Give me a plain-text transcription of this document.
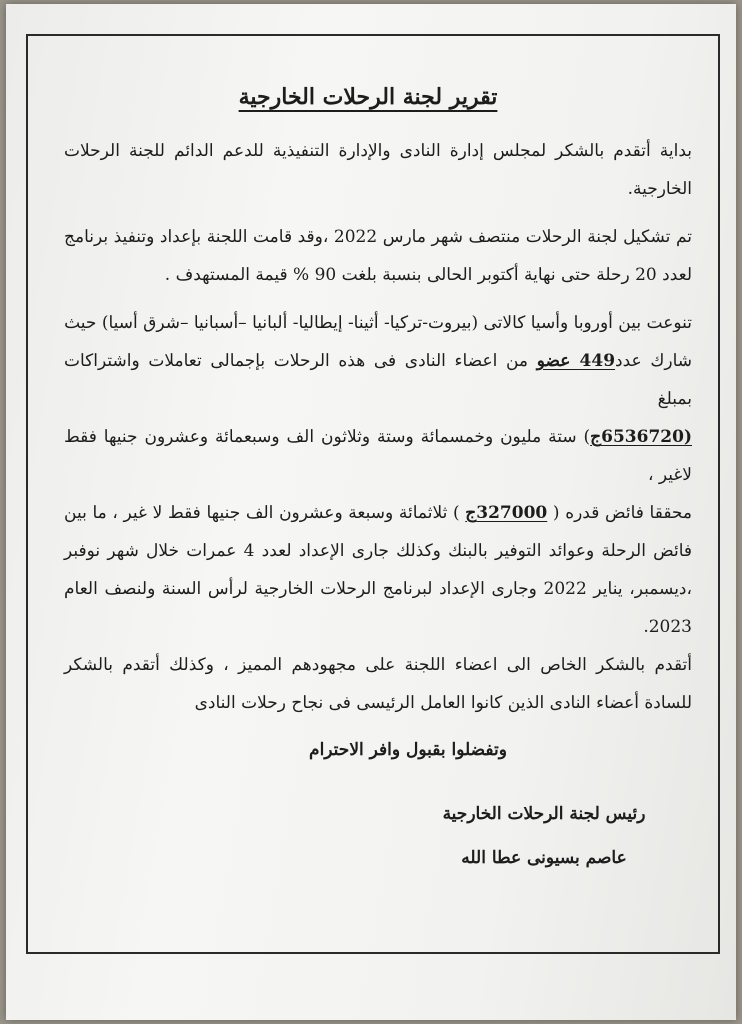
تقرير لجنة الرحلات الخارجية

بداية أتقدم بالشكر لمجلس إدارة النادى والإدارة التنفيذية للدعم الدائم للجنة الرحلات الخارجية.

تم تشكيل لجنة الرحلات منتصف شهر مارس 2022 ،وقد قامت اللجنة بإعداد وتنفيذ برنامج لعدد 20 رحلة حتى نهاية أكتوبر الحالى بنسبة بلغت 90 % قيمة المستهدف .

تنوعت بين أوروبا وأسيا كالاتى (بيروت-تركيا- أثينا- إيطاليا- ألبانيا –أسبانيا –شرق أسيا) حيث

شارك عدد449 عضو من اعضاء النادى فى هذه الرحلات بإجمالى تعاملات واشتراكات بمبلغ

(6536720ج) ستة مليون وخمسمائة وستة وثلاثون الف وسبعمائة وعشرون جنيها فقط لاغير ،

محققا فائض قدره ( 327000ج ) ثلاثمائة وسبعة وعشرون الف جنيها فقط لا غير ، ما بين فائض الرحلة وعوائد التوفير بالبنك وكذلك جارى الإعداد لعدد 4 عمرات خلال شهر نوفبر ،ديسمبر، يناير 2022 وجارى الإعداد لبرنامج الرحلات الخارجية لرأس السنة ولنصف العام 2023.

أتقدم بالشكر الخاص الى اعضاء اللجنة على مجهودهم المميز ، وكذلك أتقدم بالشكر للسادة أعضاء النادى الذين كانوا العامل الرئيسى فى نجاح رحلات النادى

وتفضلوا بقبول وافر الاحترام
رئيس لجنة الرحلات الخارجية
عاصم بسيونى عطا الله
